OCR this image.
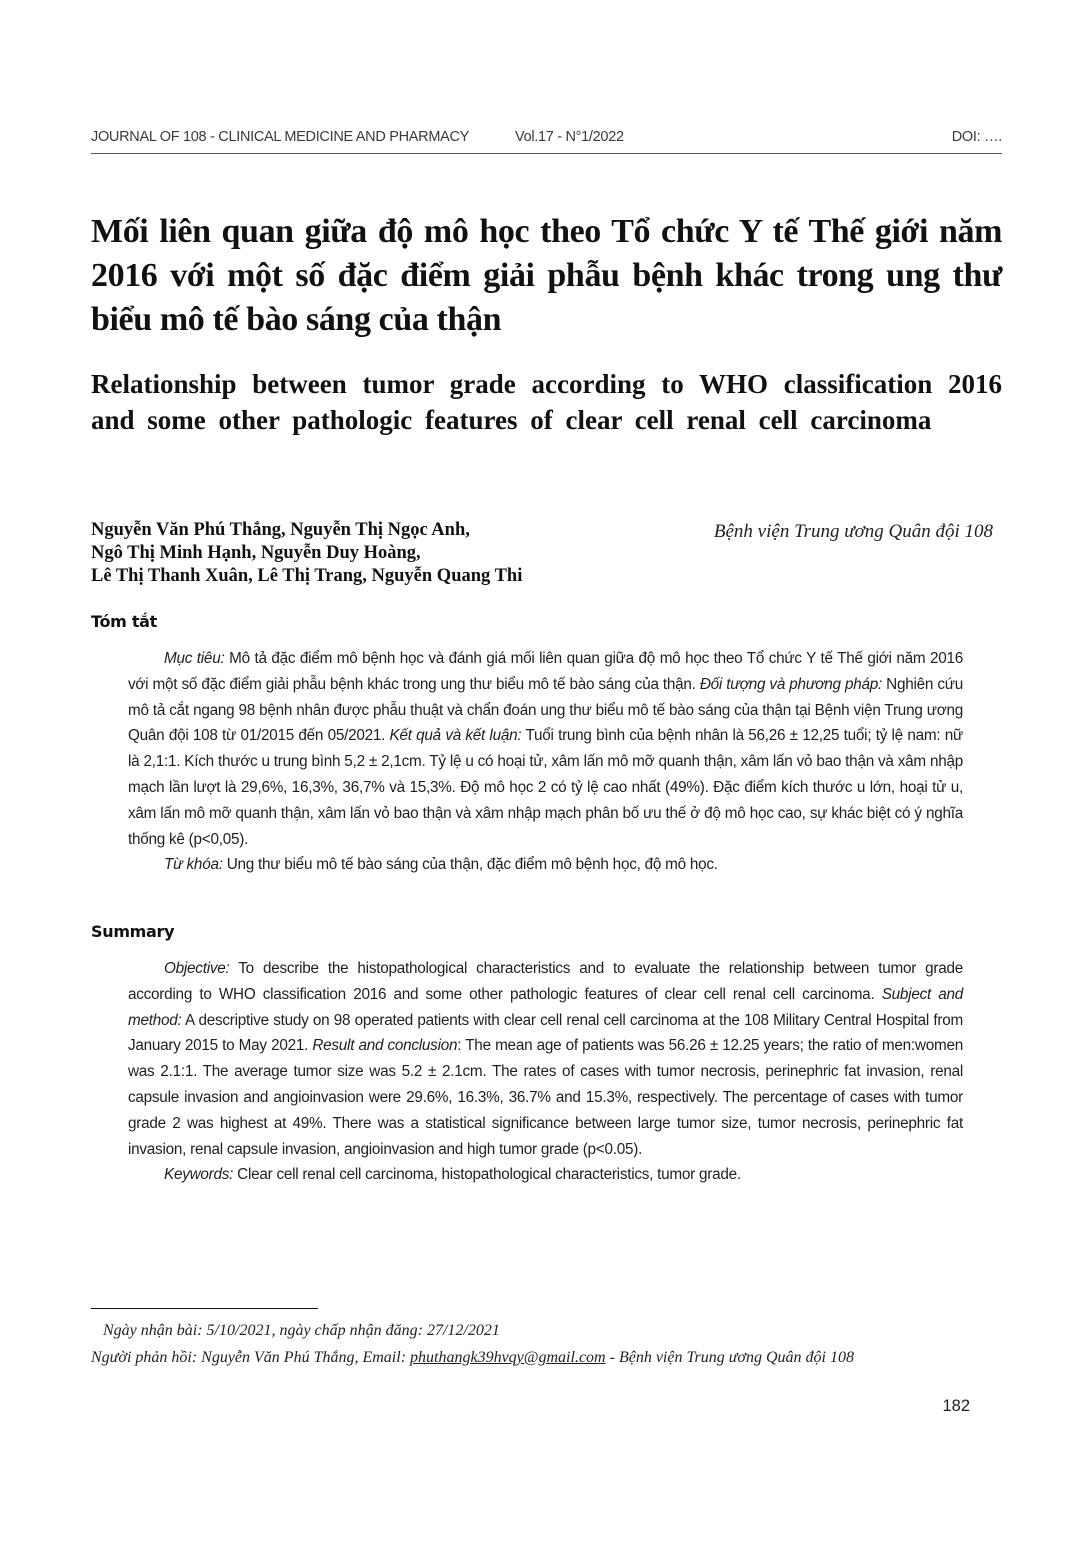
JOURNAL OF 108 - CLINICAL MEDICINE AND PHARMACY	Vol.17 - N°1/2022	DOI: ….
Mối liên quan giữa độ mô học theo Tổ chức Y tế Thế giới năm 2016 với một số đặc điểm giải phẫu bệnh khác trong ung thư biểu mô tế bào sáng của thận
Relationship between tumor grade according to WHO classification 2016 and some other pathologic features of clear cell renal cell carcinoma
Nguyễn Văn Phú Thắng, Nguyễn Thị Ngọc Anh,
Ngô Thị Minh Hạnh, Nguyễn Duy Hoàng,
Lê Thị Thanh Xuân, Lê Thị Trang, Nguyễn Quang Thi
Bệnh viện Trung ương Quân đội 108
Tóm tắt

Mục tiêu: Mô tả đặc điểm mô bệnh học và đánh giá mối liên quan giữa độ mô học theo Tổ chức Y tế Thế giới năm 2016 với một số đặc điểm giải phẫu bệnh khác trong ung thư biểu mô tế bào sáng của thận. Đối tượng và phương pháp: Nghiên cứu mô tả cắt ngang 98 bệnh nhân được phẫu thuật và chẩn đoán ung thư biểu mô tế bào sáng của thận tại Bệnh viện Trung ương Quân đội 108 từ 01/2015 đến 05/2021. Kết quả và kết luận: Tuổi trung bình của bệnh nhân là 56,26 ± 12,25 tuổi; tỷ lệ nam: nữ là 2,1:1. Kích thước u trung bình 5,2 ± 2,1cm. Tỷ lệ u có hoại tử, xâm lấn mô mỡ quanh thận, xâm lấn vỏ bao thận và xâm nhập mạch lần lượt là 29,6%, 16,3%, 36,7% và 15,3%. Độ mô học 2 có tỷ lệ cao nhất (49%). Đặc điểm kích thước u lớn, hoại tử u, xâm lấn mô mỡ quanh thận, xâm lấn vỏ bao thận và xâm nhập mạch phân bố ưu thế ở độ mô học cao, sự khác biệt có ý nghĩa thống kê (p<0,05).

Từ khóa: Ung thư biểu mô tế bào sáng của thận, đặc điểm mô bệnh học, độ mô học.

Summary

Objective: To describe the histopathological characteristics and to evaluate the relationship between tumor grade according to WHO classification 2016 and some other pathologic features of clear cell renal cell carcinoma. Subject and method: A descriptive study on 98 operated patients with clear cell renal cell carcinoma at the 108 Military Central Hospital from January 2015 to May 2021. Result and conclusion: The mean age of patients was 56.26 ± 12.25 years; the ratio of men:women was 2.1:1. The average tumor size was 5.2 ± 2.1cm. The rates of cases with tumor necrosis, perinephric fat invasion, renal capsule invasion and angioinvasion were 29.6%, 16.3%, 36.7% and 15.3%, respectively. The percentage of cases with tumor grade 2 was highest at 49%. There was a statistical significance between large tumor size, tumor necrosis, perinephric fat invasion, renal capsule invasion, angioinvasion and high tumor grade (p<0.05).

Keywords: Clear cell renal cell carcinoma, histopathological characteristics, tumor grade.

Ngày nhận bài: 5/10/2021, ngày chấp nhận đăng: 27/12/2021
Người phản hồi: Nguyễn Văn Phú Thắng, Email: phuthangk39hvqy@gmail.com - Bệnh viện Trung ương Quân đội 108
182
